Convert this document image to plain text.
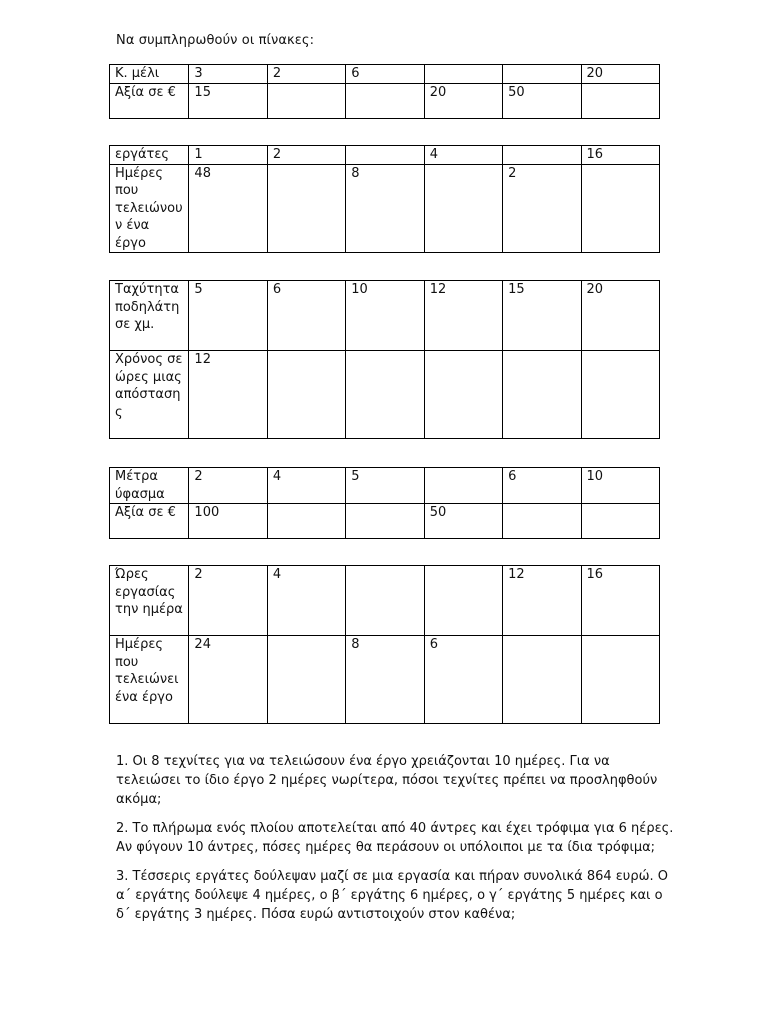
Να συμπληρωθούν οι πίνακες:
Κ. μέλι	3	2	6			20
Αξία σε €	15			20	50	
εργάτες	1	2		4		16
Ημέρες που τελειώνουν ένα έργο	48		8		2	
Ταχύτητα ποδηλάτη σε χμ.	5	6	10	12	15	20
Χρόνος σε ώρες μιας απόστασης	12					
Μέτρα ύφασμα	2	4	5		6	10
Αξία σε €	100			50		
Ώρες εργασίας την ημέρα	2	4			12	16
Ημέρες που τελειώνει ένα έργο	24		8	6		

1. Οι 8 τεχνίτες για να τελειώσουν ένα έργο χρειάζονται 10 ημέρες. Για να τελειώσει το ίδιο έργο 2 ημέρες νωρίτερα, πόσοι τεχνίτες πρέπει να προσληφθούν ακόμα;

2. Το πλήρωμα ενός πλοίου αποτελείται από 40 άντρες και έχει τρόφιμα για 6 ηέρες. Αν φύγουν 10 άντρες, πόσες ημέρες θα περάσουν οι υπόλοιποι με τα ίδια τρόφιμα;

3. Τέσσερις εργάτες δούλεψαν μαζί σε μια εργασία και πήραν συνολικά 864 ευρώ. Ο α΄ εργάτης δούλεψε 4 ημέρες, ο β΄ εργάτης 6 ημέρες, ο γ΄ εργάτης 5 ημέρες και ο δ΄ εργάτης 3 ημέρες. Πόσα ευρώ αντιστοιχούν στον καθένα;
